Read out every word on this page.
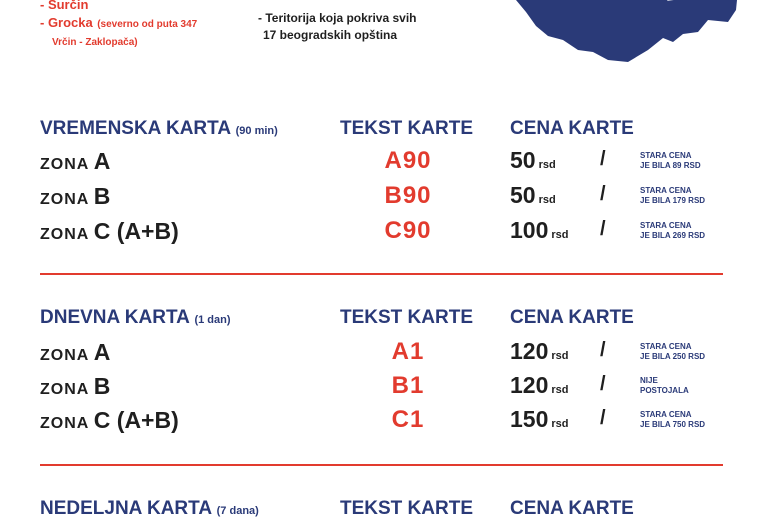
- Surčin
- Grocka (severno od puta 347
Vrčin - Zaklopača)
- Teritorija koja pokriva svih
17 beogradskih opština
VREMENSKA KARTA (90 min)	TEKST KARTE CENA KARTE
ZONA A	A90	50 rsd /	STARA CENA
JE BILA 89 RSD
ZONA B	B90	50 rsd /	STARA CENA
JE BILA 179 RSD
ZONA C (A+B)	C90	100 rsd /	STARA CENA
JE BILA 269 RSD
DNEVNA KARTA (1 dan)	TEKST KARTE CENA KARTE
ZONA A	A1	120 rsd /	STARA CENA
JE BILA 250 RSD
ZONA B	B1	120 rsd /	NIJE
POSTOJALA
ZONA C (A+B)	C1	150 rsd /	STARA CENA
JE BILA 750 RSD
NEDELJNA KARTA (7 dana)	TEKST KARTE CENA KARTE
